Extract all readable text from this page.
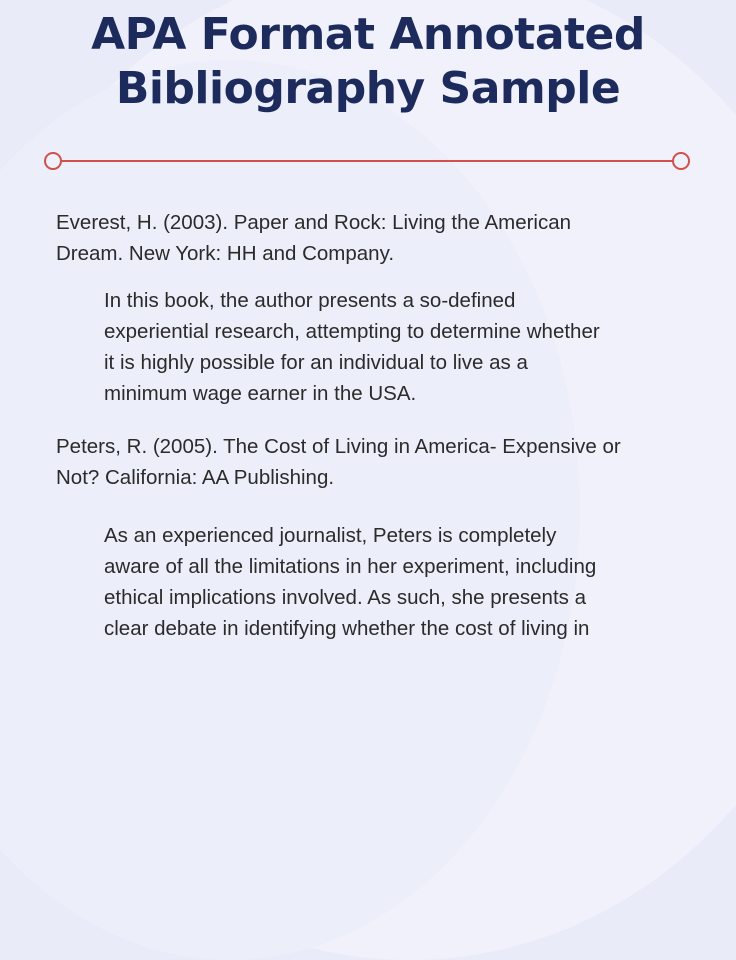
APA Format Annotated
Bibliography Sample
Everest, H. (2003). Paper and Rock: Living the American
Dream. New York: HH and Company.
In this book, the author presents a so-defined
experiential research, attempting to determine whether
it is highly possible for an individual to live as a
minimum wage earner in the USA.
Peters, R. (2005). The Cost of Living in America- Expensive or
Not? California: AA Publishing.
As an experienced journalist, Peters is completely
aware of all the limitations in her experiment, including
ethical implications involved. As such, she presents a
clear debate in identifying whether the cost of living in
